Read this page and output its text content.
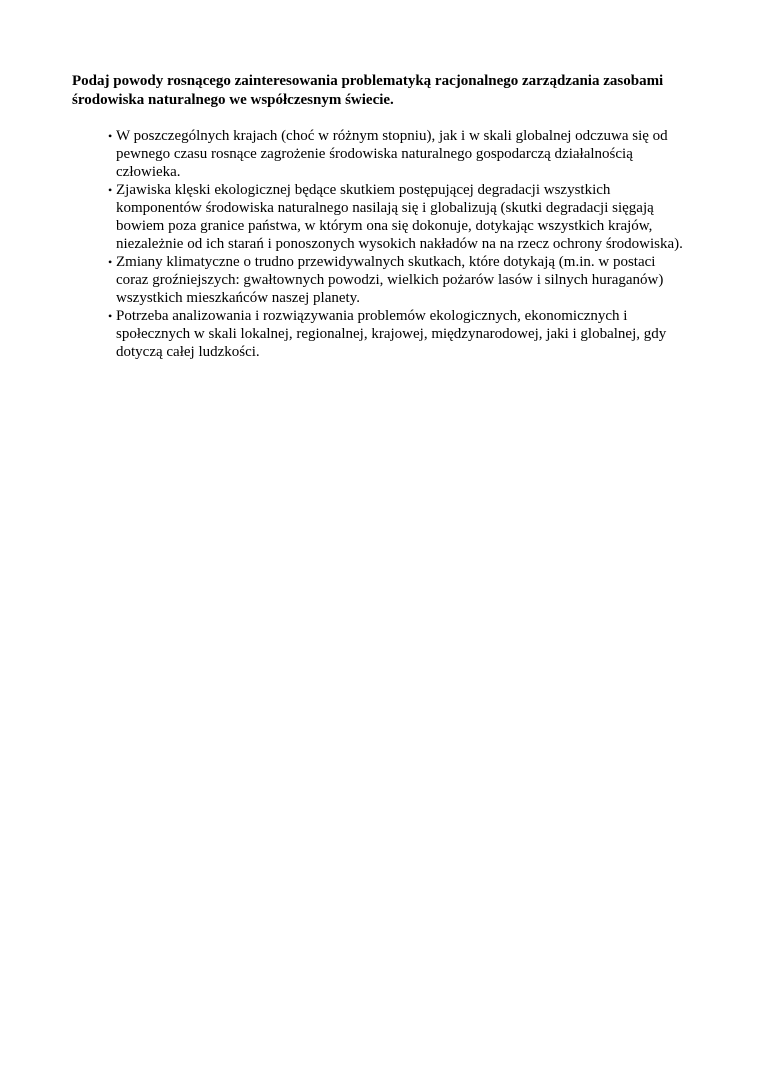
Podaj powody rosnącego zainteresowania problematyką racjonalnego zarządzania zasobami środowiska naturalnego we współczesnym świecie.

• W poszczególnych krajach (choć w różnym stopniu), jak i w skali globalnej odczuwa się od pewnego czasu rosnące zagrożenie środowiska naturalnego gospodarczą działalnością człowieka.
• Zjawiska klęski ekologicznej będące skutkiem postępującej degradacji wszystkich komponentów środowiska naturalnego nasilają się i globalizują (skutki degradacji sięgają bowiem poza granice państwa, w którym ona się dokonuje, dotykając wszystkich krajów, niezależnie od ich starań i ponoszonych wysokich nakładów na na rzecz ochrony środowiska).
• Zmiany klimatyczne o trudno przewidywalnych skutkach, które dotykają (m.in. w postaci coraz groźniejszych: gwałtownych powodzi, wielkich pożarów lasów i silnych huraganów) wszystkich mieszkańców naszej planety.
• Potrzeba analizowania i rozwiązywania problemów ekologicznych, ekonomicznych i społecznych w skali lokalnej, regionalnej, krajowej, międzynarodowej, jaki i globalnej, gdy dotyczą całej ludzkości.
